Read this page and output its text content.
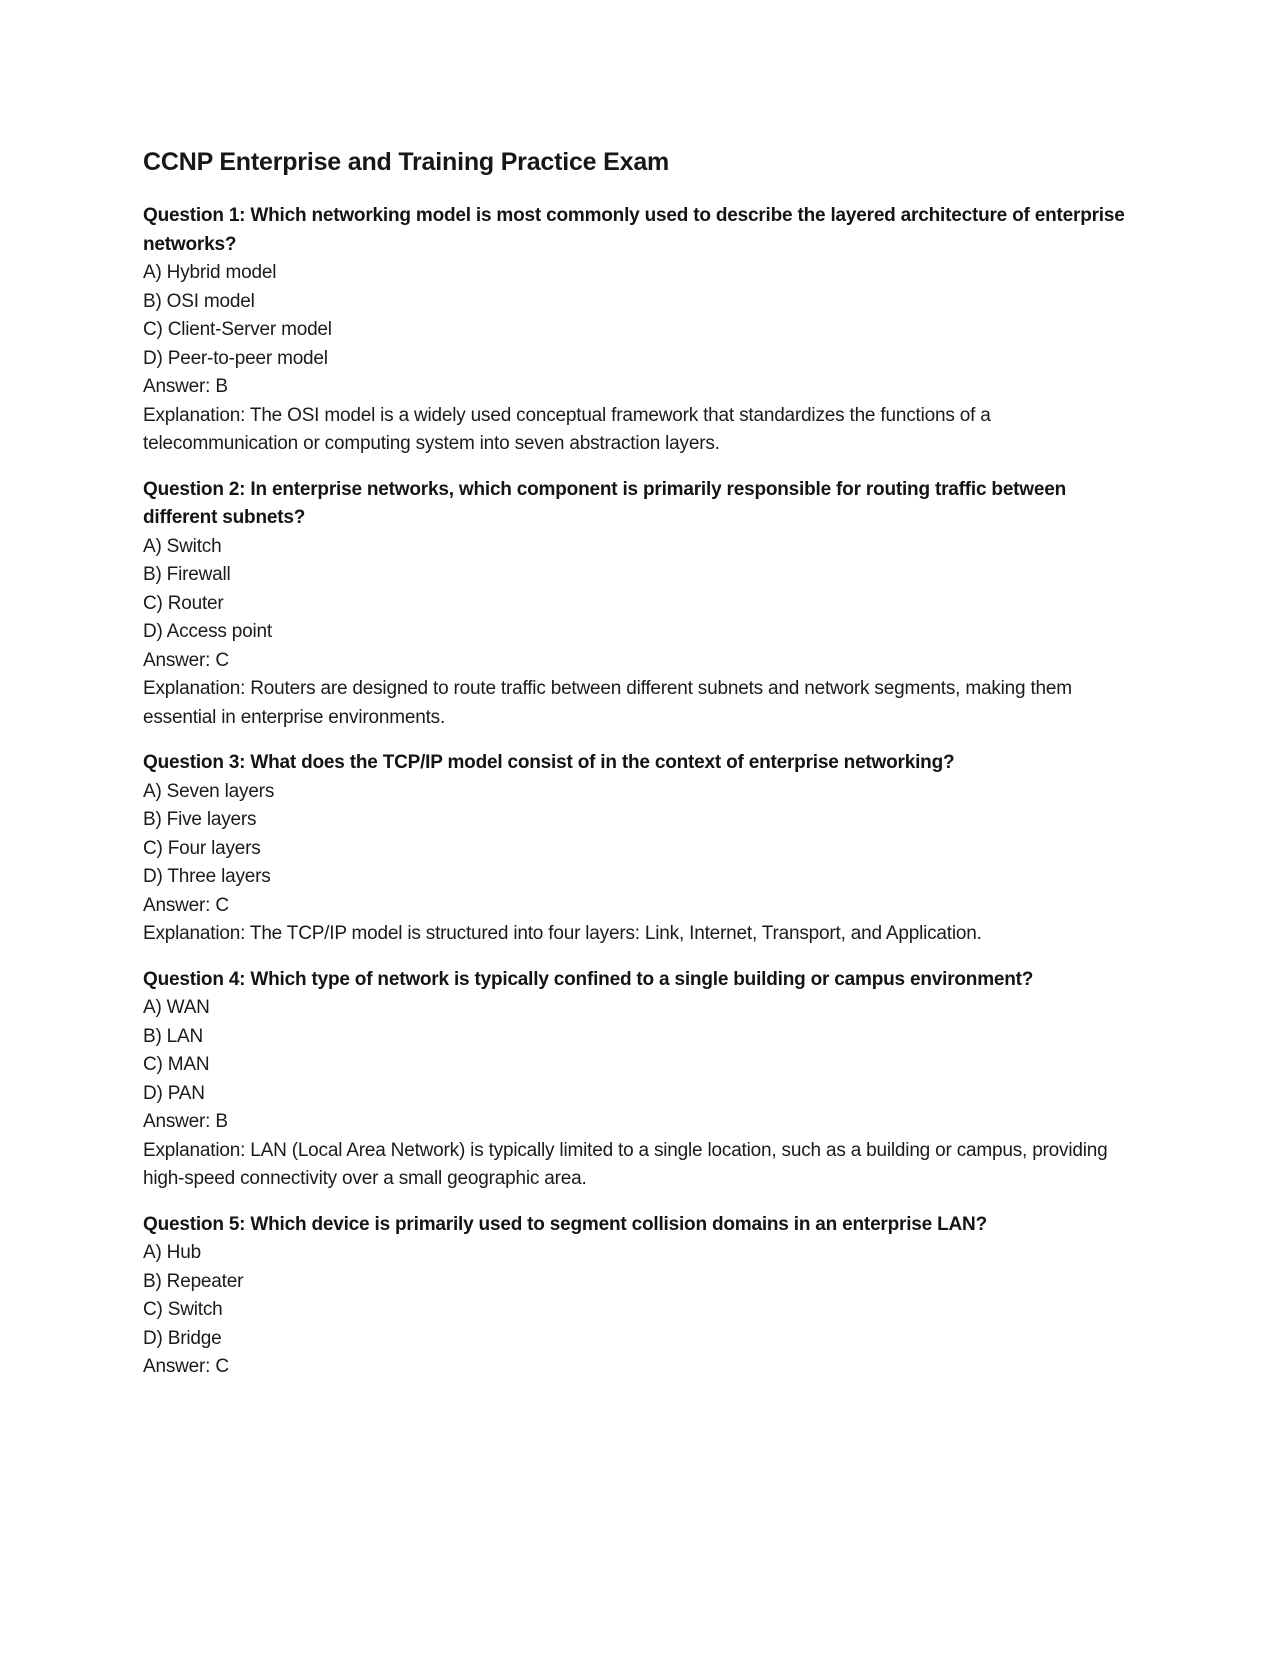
CCNP Enterprise and Training Practice Exam
Question 1: Which networking model is most commonly used to describe the layered architecture of enterprise networks?
A) Hybrid model
B) OSI model
C) Client-Server model
D) Peer-to-peer model
Answer: B
Explanation: The OSI model is a widely used conceptual framework that standardizes the functions of a telecommunication or computing system into seven abstraction layers.
Question 2: In enterprise networks, which component is primarily responsible for routing traffic between different subnets?
A) Switch
B) Firewall
C) Router
D) Access point
Answer: C
Explanation: Routers are designed to route traffic between different subnets and network segments, making them essential in enterprise environments.
Question 3: What does the TCP/IP model consist of in the context of enterprise networking?
A) Seven layers
B) Five layers
C) Four layers
D) Three layers
Answer: C
Explanation: The TCP/IP model is structured into four layers: Link, Internet, Transport, and Application.
Question 4: Which type of network is typically confined to a single building or campus environment?
A) WAN
B) LAN
C) MAN
D) PAN
Answer: B
Explanation: LAN (Local Area Network) is typically limited to a single location, such as a building or campus, providing high-speed connectivity over a small geographic area.
Question 5: Which device is primarily used to segment collision domains in an enterprise LAN?
A) Hub
B) Repeater
C) Switch
D) Bridge
Answer: C
